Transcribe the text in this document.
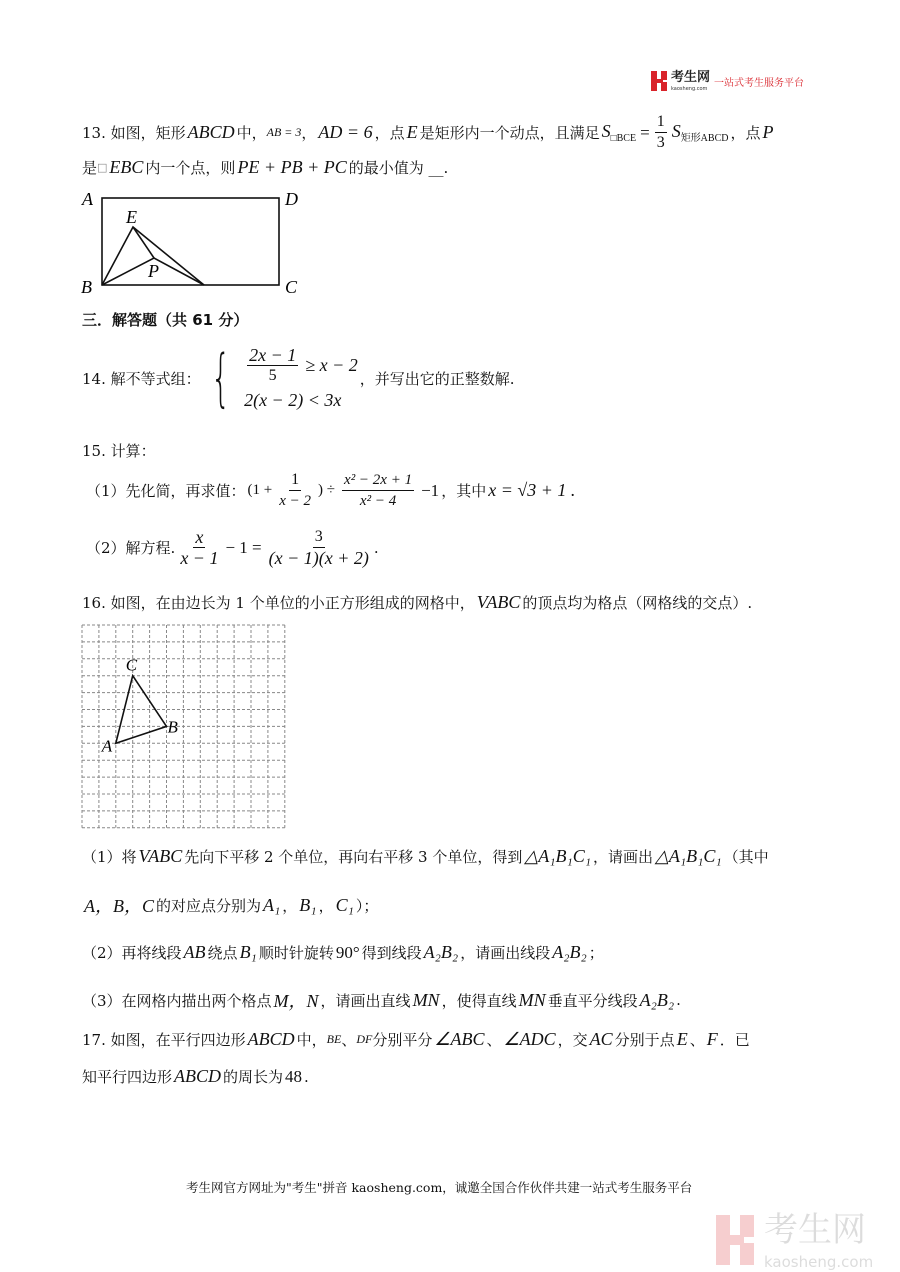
考生网
kaosheng.com
一站式考生服务平台
13. 如图，矩形 ABCD 中， AB = 3 ， AD = 6 ，点 E 是矩形内一个动点，且满足 $S_{□BCE} = \frac{1}{3} S_{矩形ABCD}$ ，点 P
是 □ EBC 内一个点，则 PE + PB + PC 的最小值为 __.
A	D
E
P
B	C
三．解答题（共 61 分）
14. 解不等式组： { $\frac{2x - 1}{5} \ge x - 2$
2(x − 2) < 3x
，并写出它的正整数解.
15. 计算：
（1）先化简，再求值： ($1 + \frac{1}{x - 2}$ ) ÷ $\frac{\text{x² − 2x + 1}}{\text{x² − 4}} -1$ ，其中 x = √3 + 1 .
（2）解方程. $\frac{x}{x - 1} - 1 = \frac{3}{(x - 1)(x + 2)}$ .
16. 如图，在由边长为 1 个单位的小正方形组成的网格中， VABC 的顶点均为格点（网格线的交点）.
A
B
C
（1）将 VABC 先向下平移 2 个单位，再向右平移 3 个单位，得到 △A₁B₁C₁ ，请画出 △A₁B₁C₁ （其中
A，B，C 的对应点分别为 A₁ ， B₁ ， C₁ ）；
（2）再将线段 AB 绕点 B₁ 顺时针旋转 90° 得到线段 A₂B₂ ，请画出线段 A₂B₂ ；
（3）在网格内描出两个格点 M，N ，请画出直线 MN ，使得直线 MN 垂直平分线段 A₂B₂ .
17. 如图，在平行四边形 ABCD 中， BE 、 DF 分别平分 ∠ABC 、 ∠ADC ，交 AC 分别于点 E 、 F ．已
知平行四边形 ABCD 的周长为 48 .
考生网官方网址为"考生"拼音 kaosheng.com，诚邀全国合作伙伴共建一站式考生服务平台
考生网
kaosheng.com
